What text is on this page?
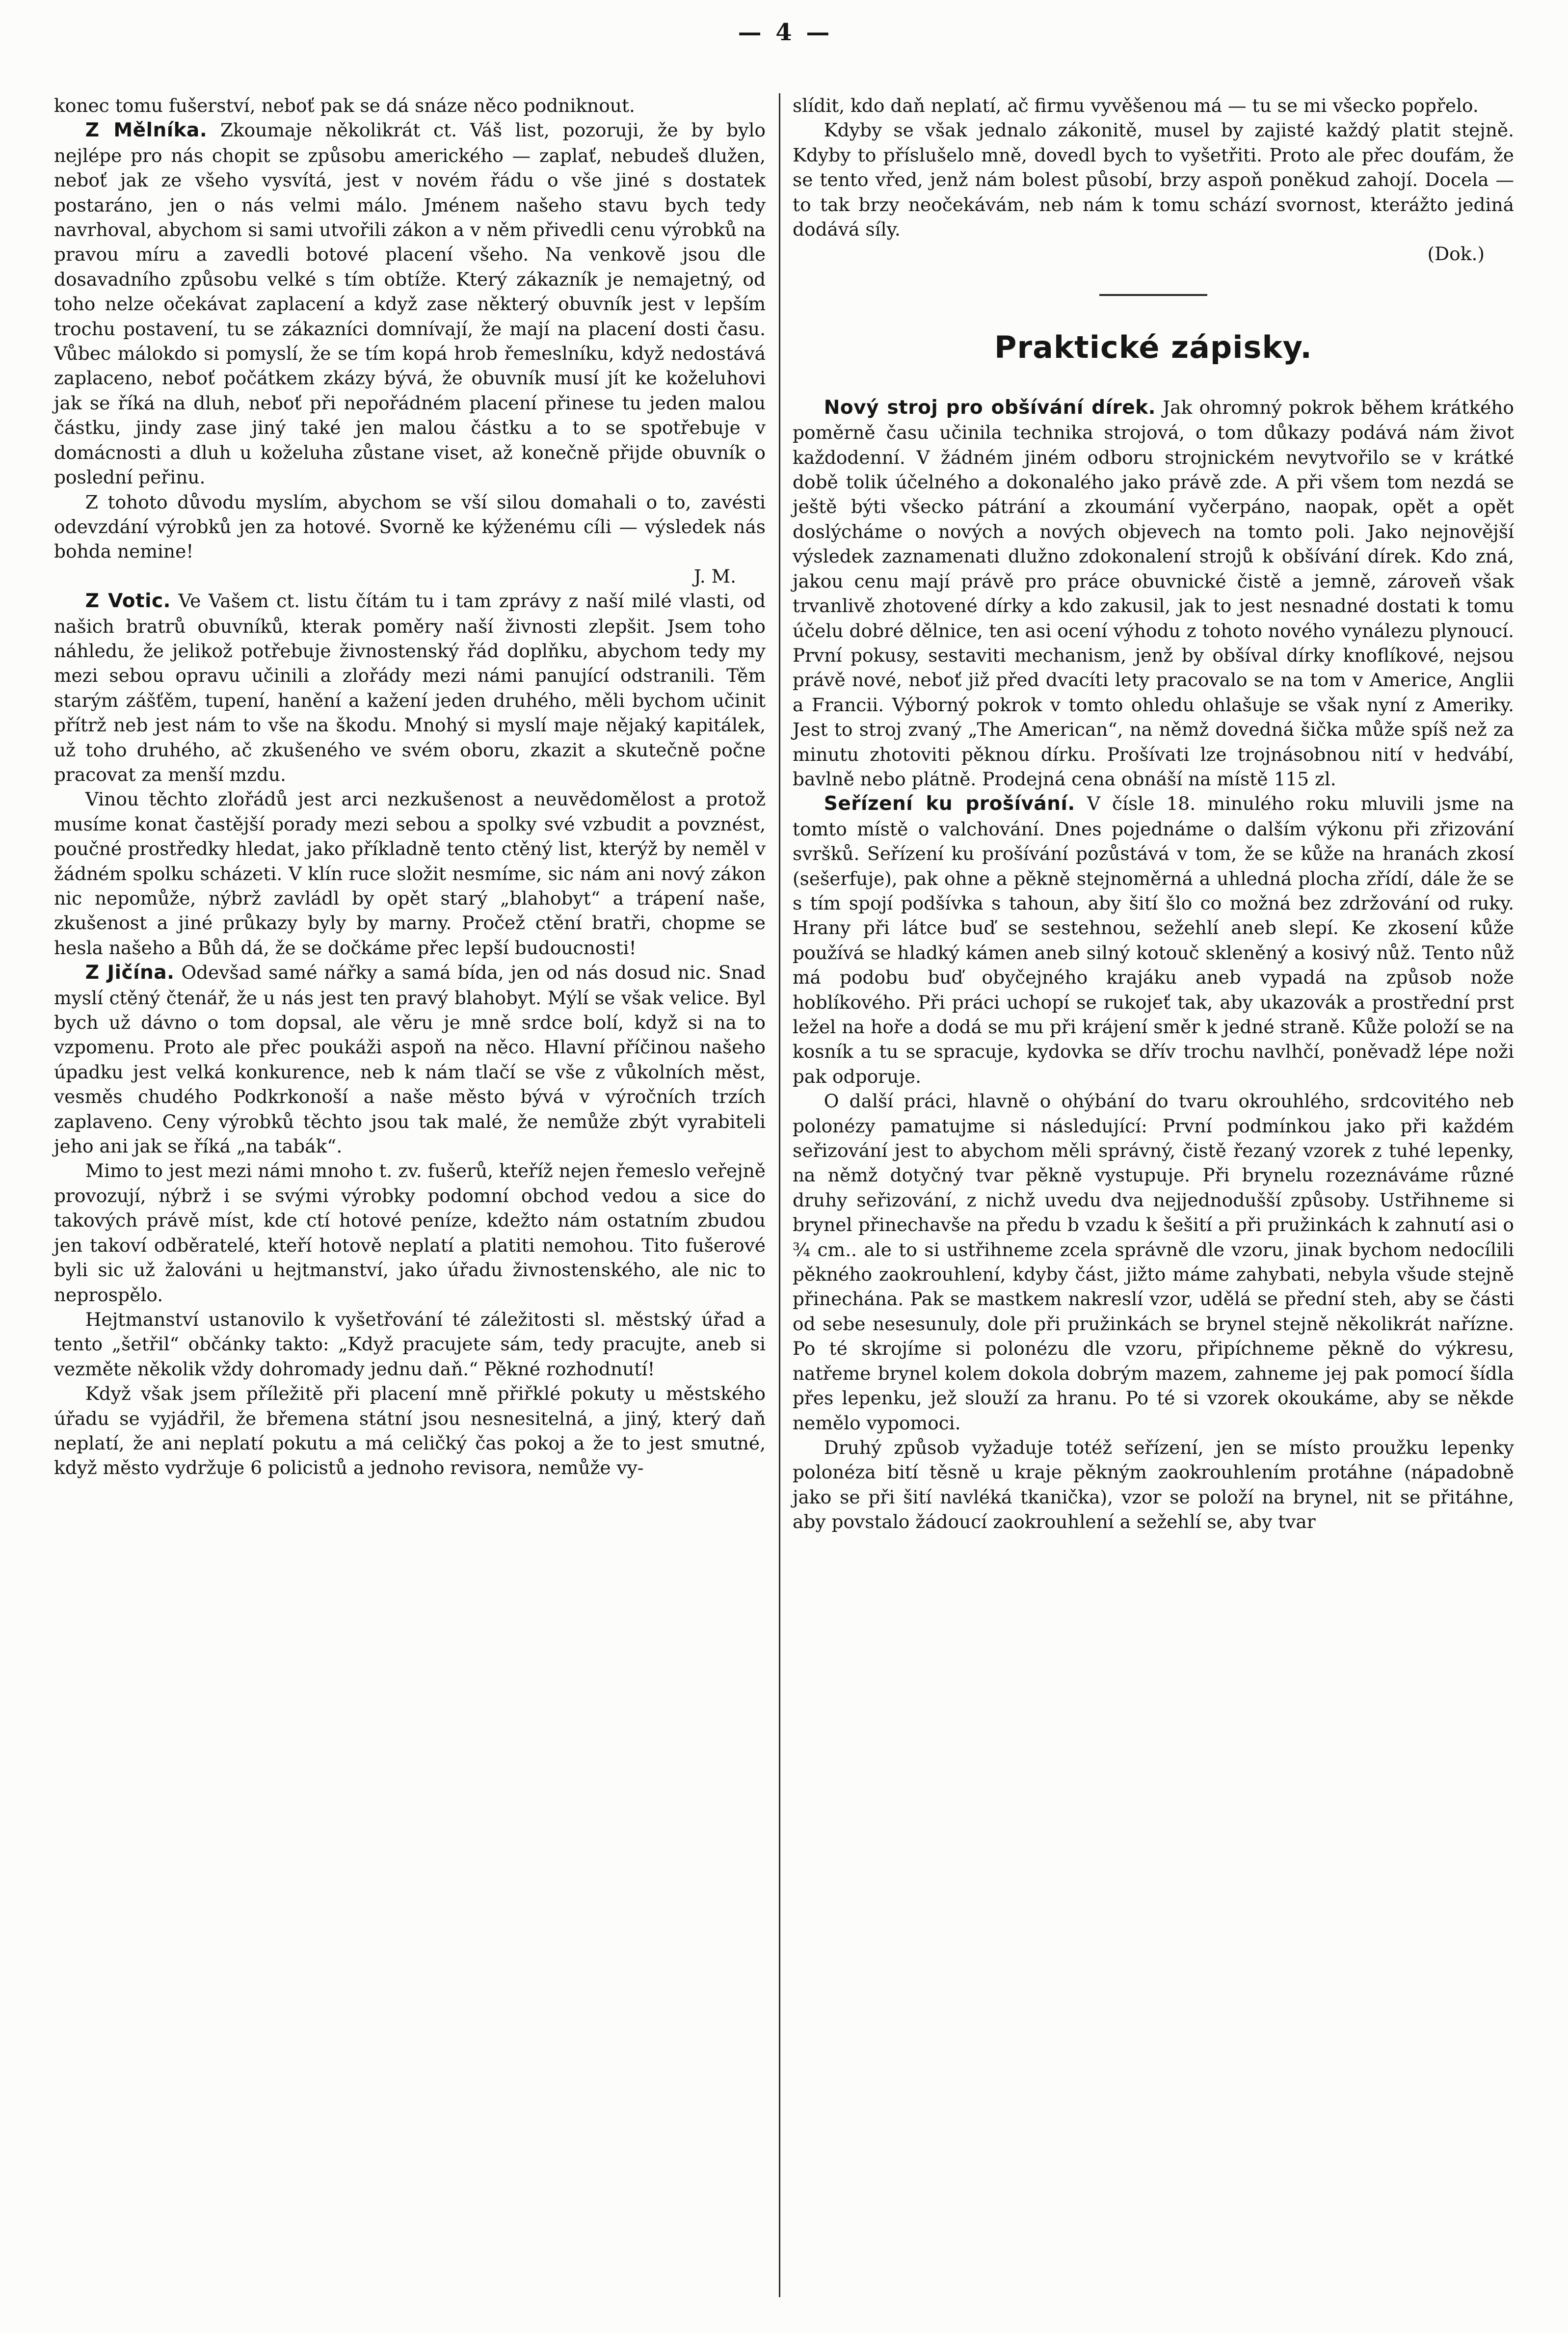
— 4 —

konec tomu fušerství, neboť pak se dá snáze něco podniknout.

Z Mělníka. Zkoumaje několikrát ct. Váš list, pozoruji, že by bylo nejlépe pro nás chopit se způsobu amerického — zaplať, nebudeš dlužen, neboť jak ze všeho vysvítá, jest v novém řádu o vše jiné s dostatek postaráno, jen o nás velmi málo. Jménem našeho stavu bych tedy navrhoval, abychom si sami utvořili zákon a v něm přivedli cenu výrobků na pravou míru a zavedli botové placení všeho. Na venkově jsou dle dosavadního způsobu velké s tím obtíže. Který zákazník je nemajetný, od toho nelze očekávat zaplacení a když zase některý obuvník jest v lepším trochu postavení, tu se zákazníci domnívají, že mají na placení dosti času. Vůbec málokdo si pomyslí, že se tím kopá hrob řemeslníku, když nedostává zaplaceno, neboť počátkem zkázy bývá, že obuvník musí jít ke koželuhovi jak se říká na dluh, neboť při nepořádném placení přinese tu jeden malou částku, jindy zase jiný také jen malou částku a to se spotřebuje v domácnosti a dluh u koželuha zůstane viset, až konečně přijde obuvník o poslední peřinu.

Z tohoto důvodu myslím, abychom se vší silou domahali o to, zavésti odevzdání výrobků jen za hotové. Svorně ke kýženému cíli — výsledek nás bohda nemine!

J. M.

Z Votic. Ve Vašem ct. listu čítám tu i tam zprávy z naší milé vlasti, od našich bratrů obuvníků, kterak poměry naší živnosti zlepšit. Jsem toho náhledu, že jelikož potřebuje živnostenský řád doplňku, abychom tedy my mezi sebou opravu učinili a zlořády mezi námi panující odstranili. Těm starým zášťěm, tupení, hanění a kažení jeden druhého, měli bychom učinit přítrž neb jest nám to vše na škodu. Mnohý si myslí maje nějaký kapitálek, už toho druhého, ač zkušeného ve svém oboru, zkazit a skutečně počne pracovat za menší mzdu.

Vinou těchto zlořádů jest arci nezkušenost a neuvědomělost a protož musíme konat častější porady mezi sebou a spolky své vzbudit a povznést, poučné prostředky hledat, jako příkladně tento ctěný list, kterýž by neměl v žádném spolku scházeti. V klín ruce složit nesmíme, sic nám ani nový zákon nic nepomůže, nýbrž zavládl by opět starý „blahobyt“ a trápení naše, zkušenost a jiné průkazy byly by marny. Pročež ctění bratři, chopme se hesla našeho a Bůh dá, že se dočkáme přec lepší budoucnosti!

Z Jičína. Odevšad samé nářky a samá bída, jen od nás dosud nic. Snad myslí ctěný čtenář, že u nás jest ten pravý blahobyt. Mýlí se však velice. Byl bych už dávno o tom dopsal, ale věru je mně srdce bolí, když si na to vzpomenu. Proto ale přec poukáži aspoň na něco. Hlavní příčinou našeho úpadku jest velká konkurence, neb k nám tlačí se vše z vůkolních měst, vesměs chudého Podkrkonoší a naše město bývá v výročních trzích zaplaveno. Ceny výrobků těchto jsou tak malé, že nemůže zbýt vyrabiteli jeho ani jak se říká „na tabák“.

Mimo to jest mezi námi mnoho t. zv. fušerů, kteříž nejen řemeslo veřejně provozují, nýbrž i se svými výrobky podomní obchod vedou a sice do takových právě míst, kde ctí hotové peníze, kdežto nám ostatním zbudou jen takoví odběratelé, kteří hotově neplatí a platiti nemohou. Tito fušerové byli sic už žalováni u hejtmanství, jako úřadu živnostenského, ale nic to neprospělo.

Hejtmanství ustanovilo k vyšetřování té záležitosti sl. městský úřad a tento „šetřil“ občánky takto: „Když pracujete sám, tedy pracujte, aneb si vezměte několik vždy dohromady jednu daň.“ Pěkné rozhodnutí!

Když však jsem příležitě při placení mně přiřklé pokuty u městského úřadu se vyjádřil, že břemena státní jsou nesnesitelná, a jiný, který daň neplatí, že ani neplatí pokutu a má celičký čas pokoj a že to jest smutné, když město vydržuje 6 policistů a jednoho revisora, nemůže vy-

slídit, kdo daň neplatí, ač firmu vyvěšenou má — tu se mi všecko popřelo.

Kdyby se však jednalo zákonitě, musel by zajisté každý platit stejně. Kdyby to příslušelo mně, dovedl bych to vyšetřiti. Proto ale přec doufám, že se tento vřed, jenž nám bolest působí, brzy aspoň poněkud zahojí. Docela — to tak brzy neočekávám, neb nám k tomu schází svornost, kterážto jediná dodává síly.

(Dok.)

Praktické zápisky.

Nový stroj pro obšívání dírek. Jak ohromný pokrok během krátkého poměrně času učinila technika strojová, o tom důkazy podává nám život každodenní. V žádném jiném odboru strojnickém nevytvořilo se v krátké době tolik účelného a dokonalého jako právě zde. A při všem tom nezdá se ještě býti všecko pátrání a zkoumání vyčerpáno, naopak, opět a opět doslýcháme o nových a nových objevech na tomto poli. Jako nejnovější výsledek zaznamenati dlužno zdokonalení strojů k obšívání dírek. Kdo zná, jakou cenu mají právě pro práce obuvnické čistě a jemně, zároveň však trvanlivě zhotovené dírky a kdo zakusil, jak to jest nesnadné dostati k tomu účelu dobré dělnice, ten asi ocení výhodu z tohoto nového vynálezu plynoucí. První pokusy, sestaviti mechanism, jenž by obšíval dírky knoflíkové, nejsou právě nové, neboť již před dvacíti lety pracovalo se na tom v Americe, Anglii a Francii. Výborný pokrok v tomto ohledu ohlašuje se však nyní z Ameriky. Jest to stroj zvaný „The American“, na němž dovedná šička může spíš než za minutu zhotoviti pěknou dírku. Prošívati lze trojnásobnou nití v hedvábí, bavlně nebo plátně. Prodejná cena obnáší na místě 115 zl.

Seřízení ku prošívání. V čísle 18. minulého roku mluvili jsme na tomto místě o valchování. Dnes pojednáme o dalším výkonu při zřizování svršků. Seřízení ku prošívání pozůstává v tom, že se kůže na hranách zkosí (sešerfuje), pak ohne a pěkně stejnoměrná a uhledná plocha zřídí, dále že se s tím spojí podšívka s tahoun, aby šití šlo co možná bez zdržování od ruky. Hrany při látce buď se sestehnou, sežehlí aneb slepí. Ke zkosení kůže používá se hladký kámen aneb silný kotouč skleněný a kosivý nůž. Tento nůž má podobu buď obyčejného krajáku aneb vypadá na způsob nože hoblíkového. Při práci uchopí se rukojeť tak, aby ukazovák a prostřední prst ležel na hoře a dodá se mu při krájení směr k jedné straně. Kůže položí se na kosník a tu se spracuje, kydovka se dřív trochu navlhčí, poněvadž lépe noži pak odporuje.

O další práci, hlavně o ohýbání do tvaru okrouhlého, srdcovitého neb polonézy pamatujme si následující: První podmínkou jako při každém seřizování jest to abychom měli správný, čistě řezaný vzorek z tuhé lepenky, na němž dotyčný tvar pěkně vystupuje. Při brynelu rozeznáváme různé druhy seřizování, z nichž uvedu dva nejjednodušší způsoby. Ustřihneme si brynel přinechavše na předu b vzadu k šešití a při pružinkách k zahnutí asi o ¾ cm.. ale to si ustřihneme zcela správně dle vzoru, jinak bychom nedocílili pěkného zaokrouhlení, kdyby část, jižto máme zahybati, nebyla všude stejně přinechána. Pak se mastkem nakreslí vzor, udělá se přední steh, aby se části od sebe nesesunuly, dole při pružinkách se brynel stejně několikrát nařízne. Po té skrojíme si polonézu dle vzoru, připíchneme pěkně do výkresu, natřeme brynel kolem dokola dobrým mazem, zahneme jej pak pomocí šídla přes lepenku, jež slouží za hranu. Po té si vzorek okoukáme, aby se někde nemělo vypomoci.

Druhý způsob vyžaduje totéž seřízení, jen se místo proužku lepenky polonéza bití těsně u kraje pěkným zaokrouhlením protáhne (nápadobně jako se při šití navléká tkanička), vzor se položí na brynel, nit se přitáhne, aby povstalo žádoucí zaokrouhlení a sežehlí se, aby tvar
